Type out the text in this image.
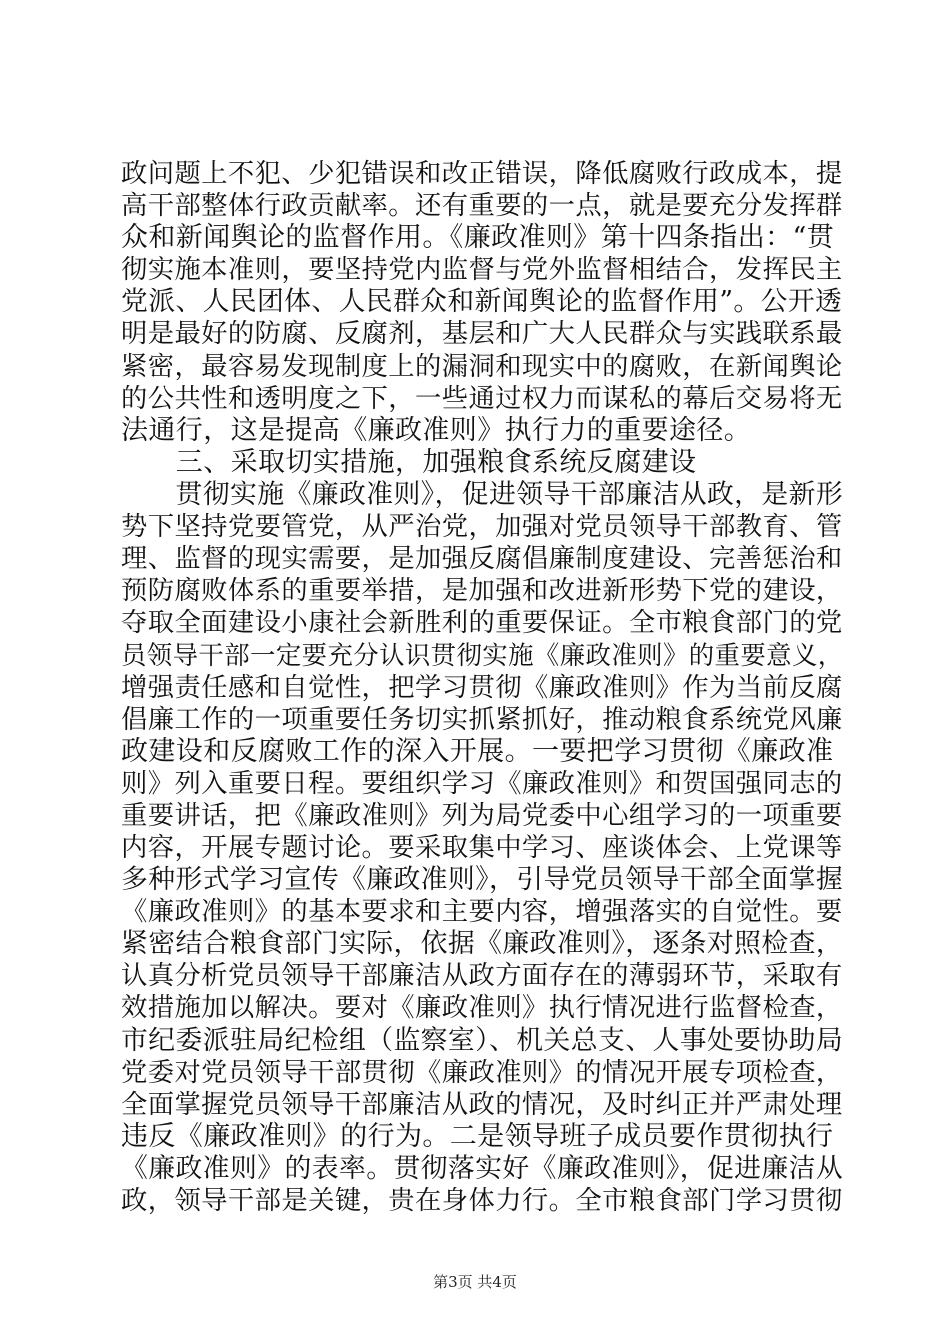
政问题上不犯、少犯错误和改正错误，降低腐败行政成本，提
高干部整体行政贡献率。还有重要的一点，就是要充分发挥群
众和新闻舆论的监督作用。《廉政准则》第十四条指出：“贯
彻实施本准则，要坚持党内监督与党外监督相结合，发挥民主
党派、人民团体、人民群众和新闻舆论的监督作用”。公开透
明是最好的防腐、反腐剂，基层和广大人民群众与实践联系最
紧密，最容易发现制度上的漏洞和现实中的腐败，在新闻舆论
的公共性和透明度之下，一些通过权力而谋私的幕后交易将无
法通行，这是提高《廉政准则》执行力的重要途径。
　　三、采取切实措施，加强粮食系统反腐建设
　　贯彻实施《廉政准则》，促进领导干部廉洁从政，是新形
势下坚持党要管党，从严治党，加强对党员领导干部教育、管
理、监督的现实需要，是加强反腐倡廉制度建设、完善惩治和
预防腐败体系的重要举措，是加强和改进新形势下党的建设，
夺取全面建设小康社会新胜利的重要保证。全市粮食部门的党
员领导干部一定要充分认识贯彻实施《廉政准则》的重要意义，
增强责任感和自觉性，把学习贯彻《廉政准则》作为当前反腐
倡廉工作的一项重要任务切实抓紧抓好，推动粮食系统党风廉
政建设和反腐败工作的深入开展。一要把学习贯彻《廉政准
则》列入重要日程。要组织学习《廉政准则》和贺国强同志的
重要讲话，把《廉政准则》列为局党委中心组学习的一项重要
内容，开展专题讨论。要采取集中学习、座谈体会、上党课等
多种形式学习宣传《廉政准则》，引导党员领导干部全面掌握
《廉政准则》的基本要求和主要内容，增强落实的自觉性。要
紧密结合粮食部门实际，依据《廉政准则》，逐条对照检查，
认真分析党员领导干部廉洁从政方面存在的薄弱环节，采取有
效措施加以解决。要对《廉政准则》执行情况进行监督检查，
市纪委派驻局纪检组（监察室）、机关总支、人事处要协助局
党委对党员领导干部贯彻《廉政准则》的情况开展专项检查，
全面掌握党员领导干部廉洁从政的情况，及时纠正并严肃处理
违反《廉政准则》的行为。二是领导班子成员要作贯彻执行
《廉政准则》的表率。贯彻落实好《廉政准则》，促进廉洁从
政，领导干部是关键，贵在身体力行。全市粮食部门学习贯彻
第3页 共4页
